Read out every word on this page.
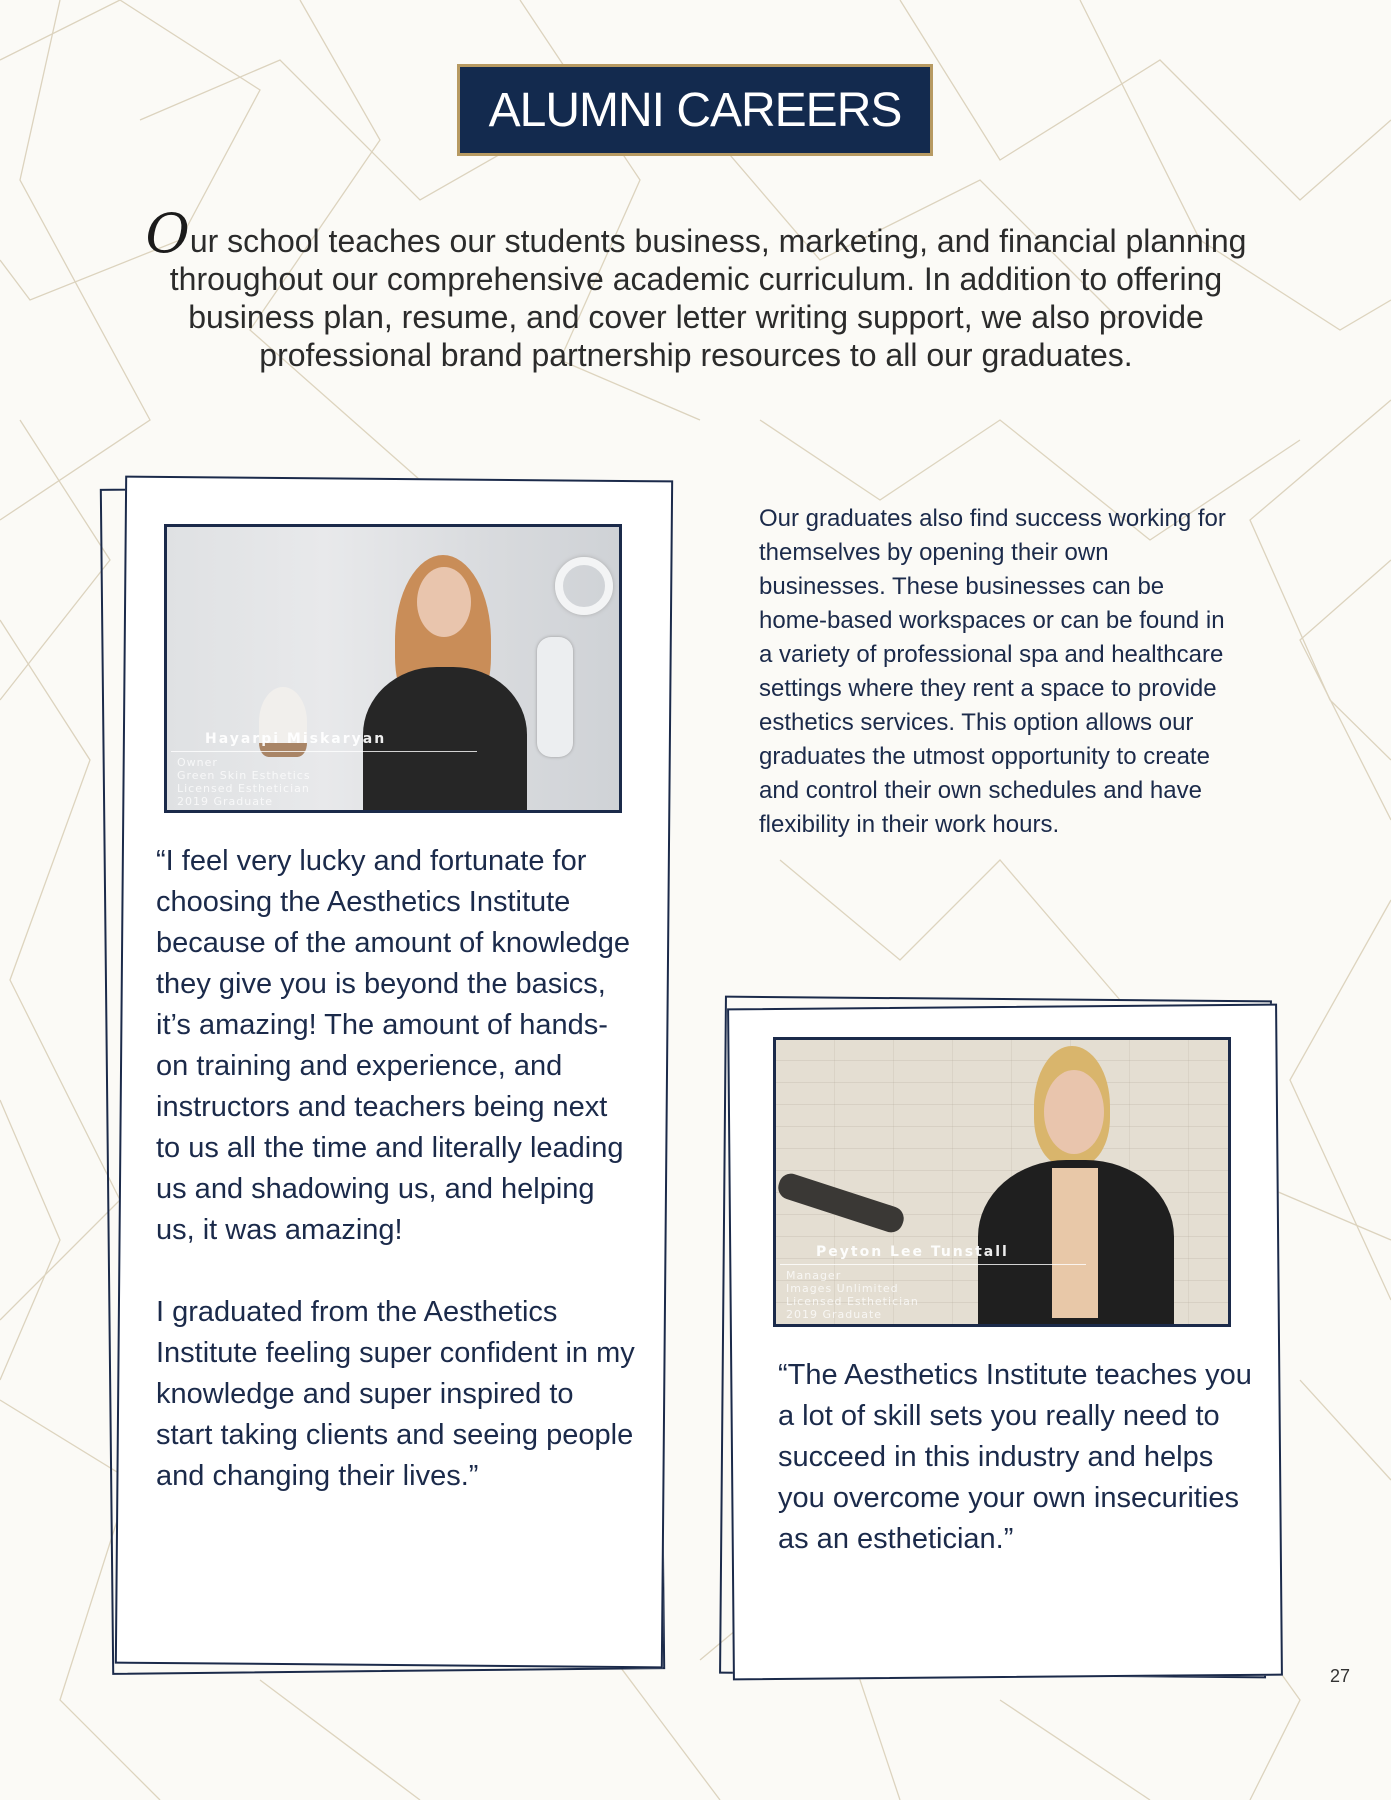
ALUMNI CAREERS
Our school teaches our students business, marketing, and financial planning throughout our comprehensive academic curriculum. In addition to offering business plan, resume, and cover letter writing support, we also provide professional brand partnership resources to all our graduates.
Hayarpi Miskaryan
Owner
Green Skin Esthetics
Licensed Esthetician
2019 Graduate

“I feel very lucky and fortunate for choosing the Aesthetics Institute because of the amount of knowledge they give you is beyond the basics, it’s amazing! The amount of hands-on training and experience, and instructors and teachers being next to us all the time and literally leading us and shadowing us, and helping us, it was amazing!

I graduated from the Aesthetics Institute feeling super confident in my knowledge and super inspired to start taking clients and seeing people and changing their lives.”

Our graduates also find success working for themselves by opening their own businesses. These businesses can be home-based workspaces or can be found in a variety of professional spa and healthcare settings where they rent a space to provide esthetics services. This option allows our graduates the utmost opportunity to create and control their own schedules and have flexibility in their work hours.
Peyton Lee Tunstall
Manager
Images Unlimited
Licensed Esthetician
2019 Graduate

“The Aesthetics Institute teaches you a lot of skill sets you really need to succeed in this industry and helps you overcome your own insecurities as an esthetician.”

27
